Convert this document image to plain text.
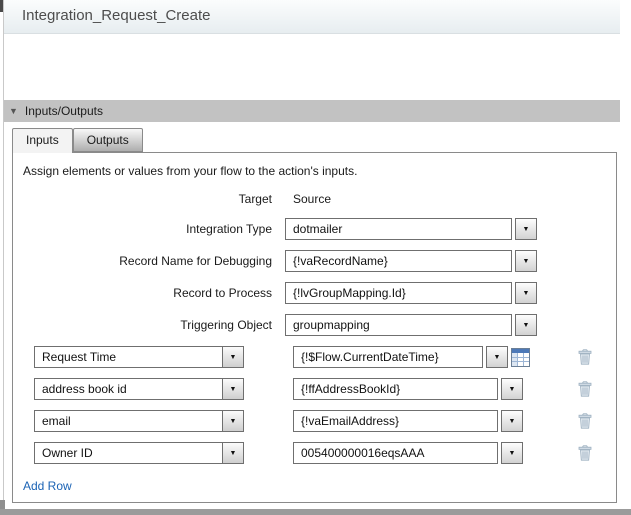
Integration_Request_Create
▼ Inputs/Outputs
Inputs	Outputs
Assign elements or values from your flow to the action's inputs.
Target	Source
Integration Type	dotmailer	▼
Record Name for Debugging	{!vaRecordName}	▼
Record to Process	{!lvGroupMapping.Id}	▼
Triggering Object	groupmapping	▼
Request Time	▼	{!$Flow.CurrentDateTime}	▼
address book id	▼	{!ffAddressBookId}	▼
email	▼	{!vaEmailAddress}	▼
Owner ID	▼	005400000016eqsAAA	▼
Add Row
